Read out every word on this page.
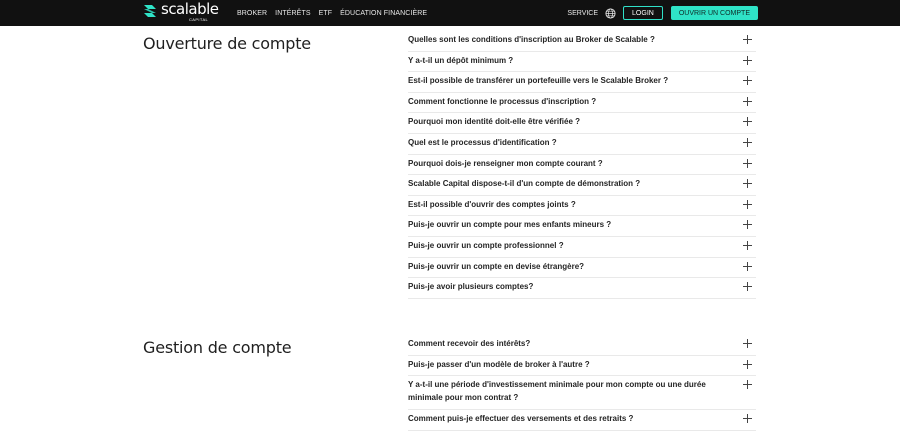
scalable
CAPITAL
BROKER INTÉRÊTS ETF ÉDUCATION FINANCIÈRE	SERVICE	LOGIN	OUVRIR UN COMPTE
Ouverture de compte	Quelles sont les conditions d'inscription au Broker de Scalable ?
Y a-t-il un dépôt minimum ?
Est-il possible de transférer un portefeuille vers le Scalable Broker ?
Comment fonctionne le processus d'inscription ?
Pourquoi mon identité doit-elle être vérifiée ?
Quel est le processus d'identification ?
Pourquoi dois-je renseigner mon compte courant ?
Scalable Capital dispose-t-il d'un compte de démonstration ?
Est-il possible d'ouvrir des comptes joints ?
Puis-je ouvrir un compte pour mes enfants mineurs ?
Puis-je ouvrir un compte professionnel ?
Puis-je ouvrir un compte en devise étrangère?
Puis-je avoir plusieurs comptes?
Gestion de compte	Comment recevoir des intérêts?
Puis-je passer d'un modèle de broker à l'autre ?
Y a-t-il une période d'investissement minimale pour mon compte ou une durée minimale pour mon contrat ?
Comment puis-je effectuer des versements et des retraits ?
